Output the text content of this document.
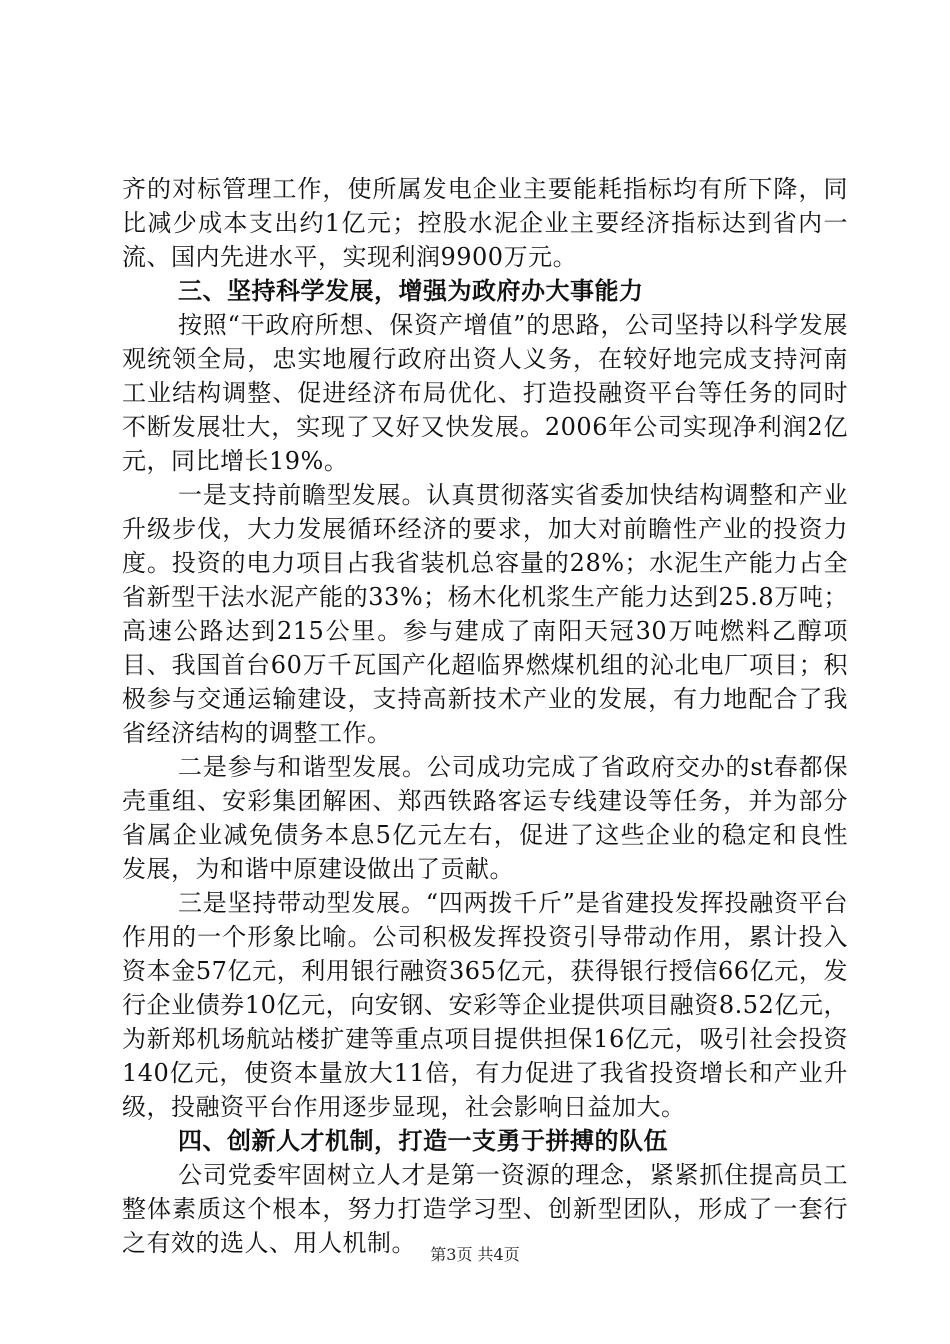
齐的对标管理工作，使所属发电企业主要能耗指标均有所下降，同比减少成本支出约1亿元；控股水泥企业主要经济指标达到省内一流、国内先进水平，实现利润9900万元。

三、坚持科学发展，增强为政府办大事能力

按照“干政府所想、保资产增值”的思路，公司坚持以科学发展观统领全局，忠实地履行政府出资人义务，在较好地完成支持河南工业结构调整、促进经济布局优化、打造投融资平台等任务的同时不断发展壮大，实现了又好又快发展。2006年公司实现净利润2亿元，同比增长19%。

一是支持前瞻型发展。认真贯彻落实省委加快结构调整和产业升级步伐，大力发展循环经济的要求，加大对前瞻性产业的投资力度。投资的电力项目占我省装机总容量的28%；水泥生产能力占全省新型干法水泥产能的33%；杨木化机浆生产能力达到25.8万吨；高速公路达到215公里。参与建成了南阳天冠30万吨燃料乙醇项目、我国首台60万千瓦国产化超临界燃煤机组的沁北电厂项目；积极参与交通运输建设，支持高新技术产业的发展，有力地配合了我省经济结构的调整工作。

二是参与和谐型发展。公司成功完成了省政府交办的st春都保壳重组、安彩集团解困、郑西铁路客运专线建设等任务，并为部分省属企业减免债务本息5亿元左右，促进了这些企业的稳定和良性发展，为和谐中原建设做出了贡献。

三是坚持带动型发展。“四两拨千斤”是省建投发挥投融资平台作用的一个形象比喻。公司积极发挥投资引导带动作用，累计投入资本金57亿元，利用银行融资365亿元，获得银行授信66亿元，发行企业债券10亿元，向安钢、安彩等企业提供项目融资8.52亿元，为新郑机场航站楼扩建等重点项目提供担保16亿元，吸引社会投资140亿元，使资本量放大11倍，有力促进了我省投资增长和产业升级，投融资平台作用逐步显现，社会影响日益加大。

四、创新人才机制，打造一支勇于拼搏的队伍

公司党委牢固树立人才是第一资源的理念，紧紧抓住提高员工整体素质这个根本，努力打造学习型、创新型团队，形成了一套行之有效的选人、用人机制。 第3页 共4页
